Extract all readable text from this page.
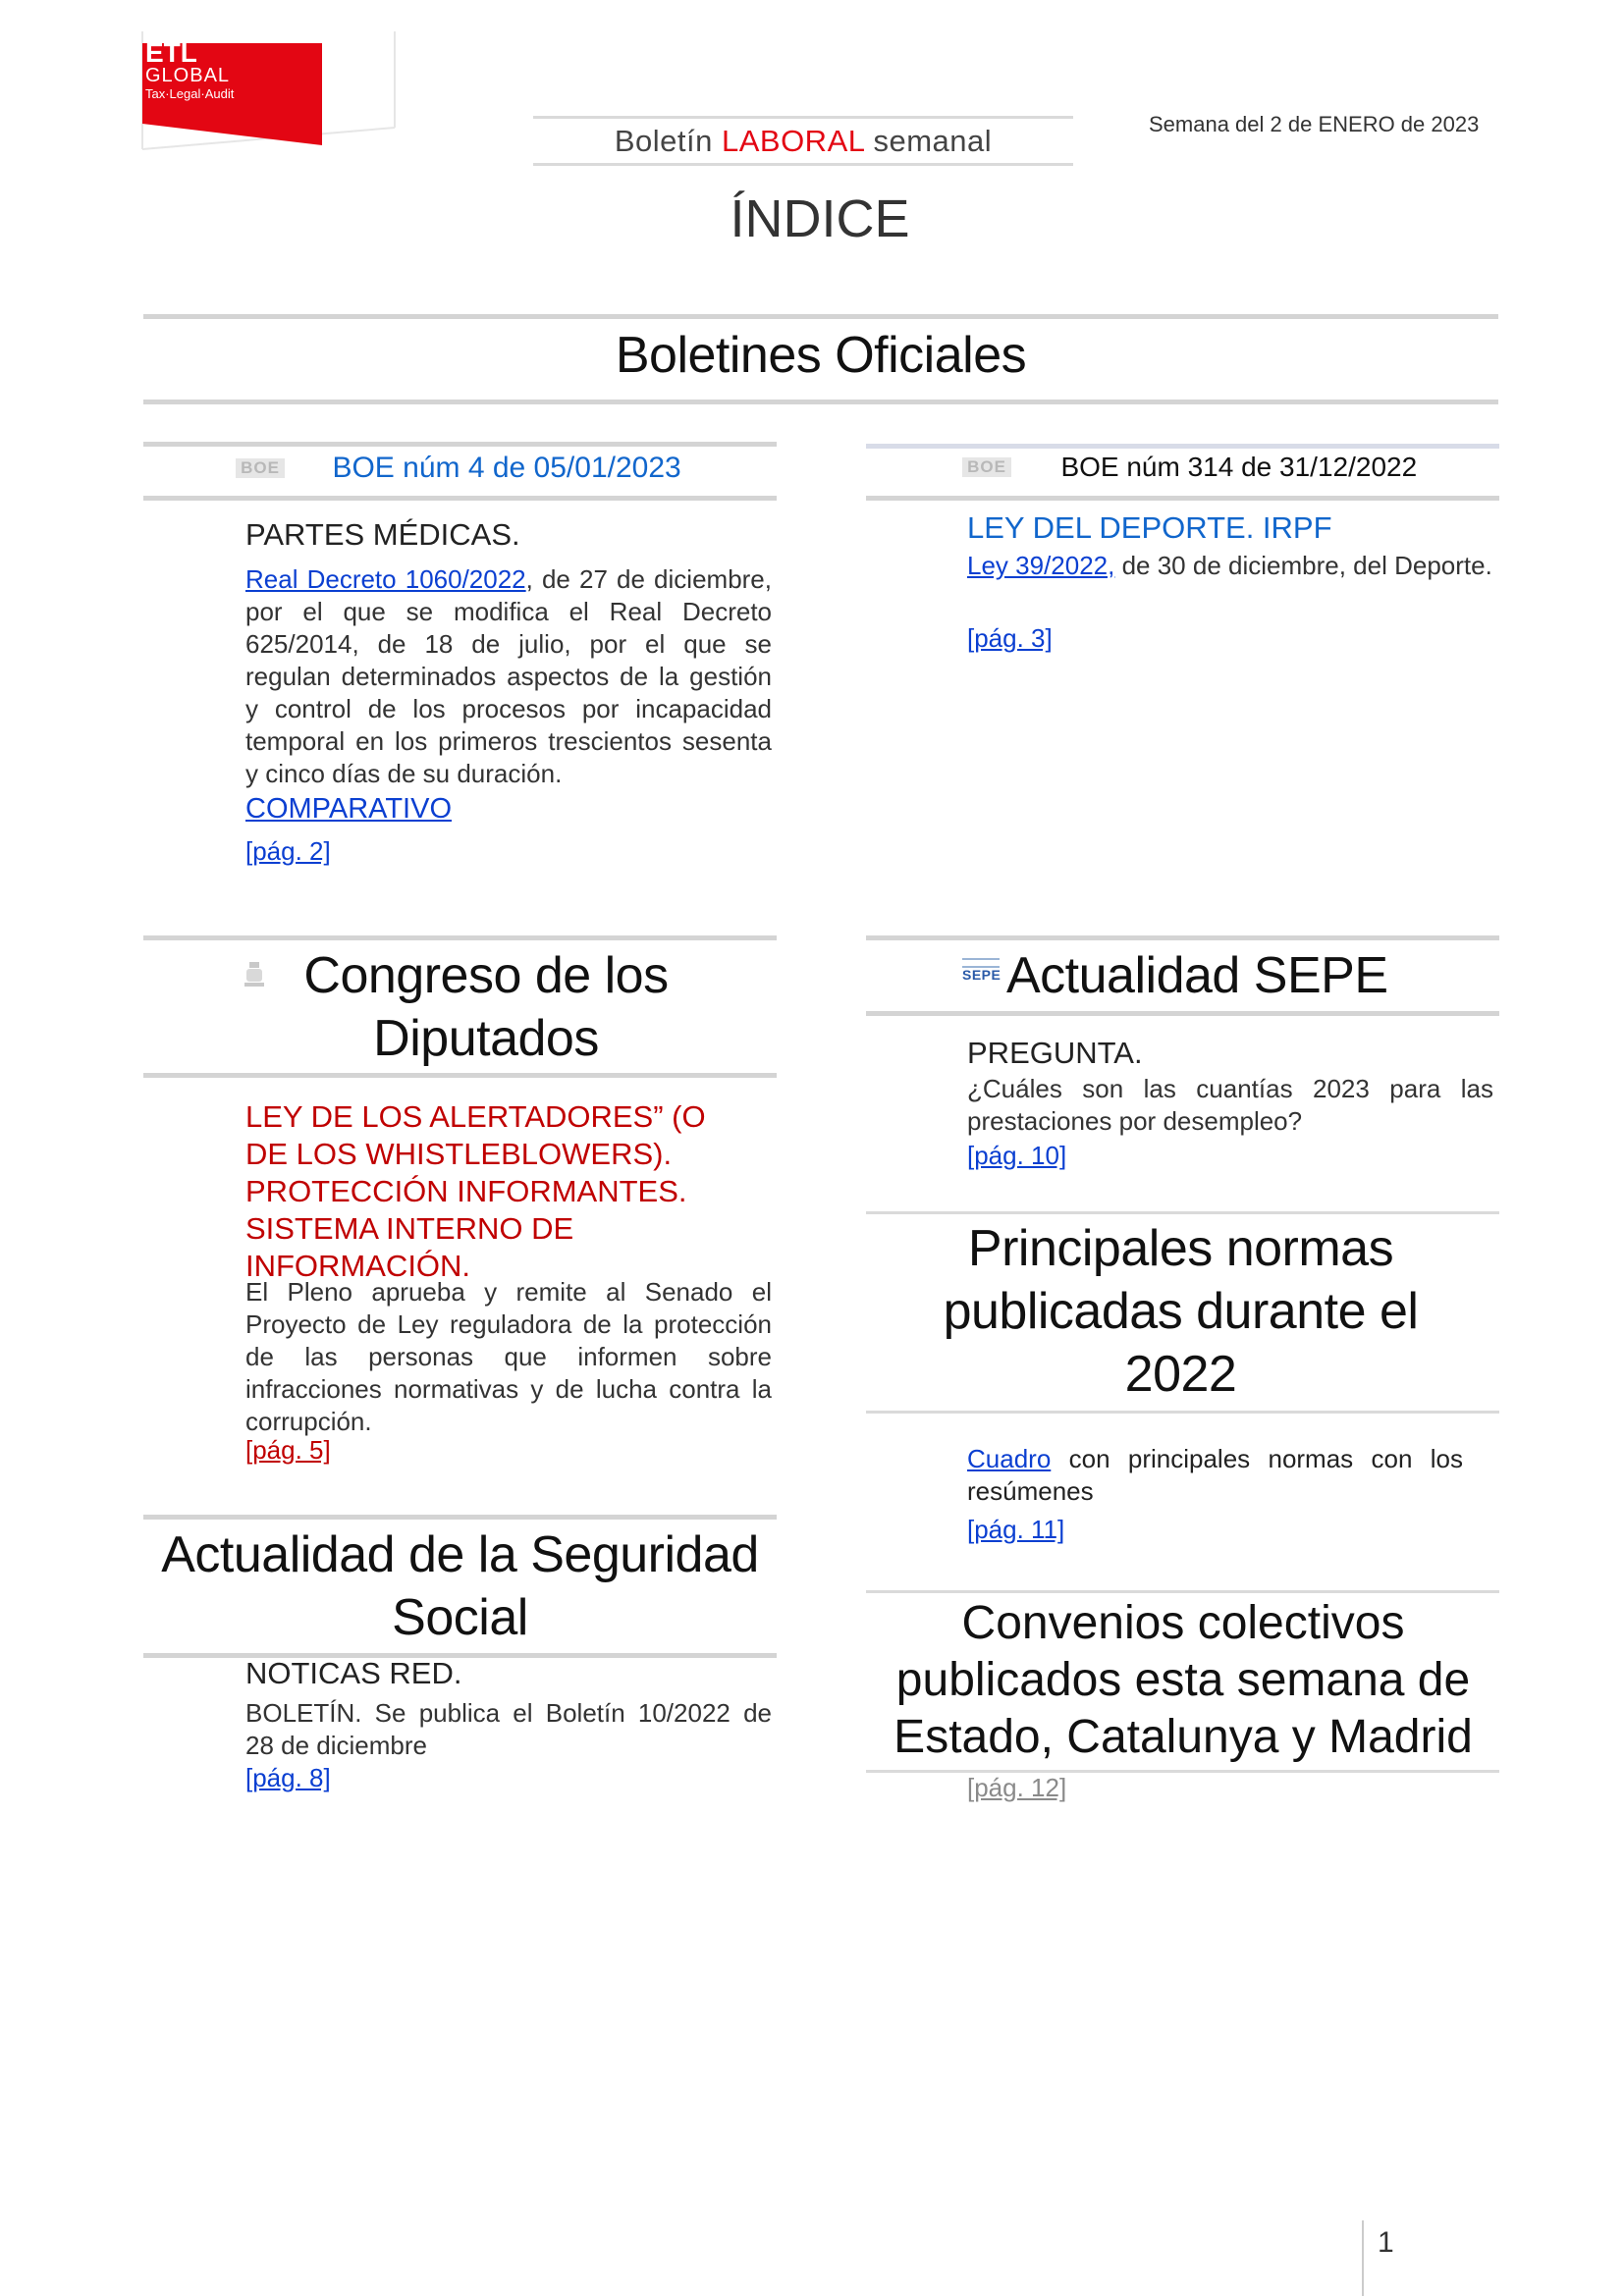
ETL
GLOBAL
Tax·Legal·Audit
Boletín LABORAL semanal	Semana del 2 de ENERO de 2023
ÍNDICE
Boletines Oficiales
BOE BOE núm 4 de 05/01/2023
PARTES MÉDICAS.
Real Decreto 1060/2022, de 27 de diciembre, por el que se modifica el Real Decreto 625/2014, de 18 de julio, por el que se regulan determinados aspectos de la gestión y control de los procesos por incapacidad temporal en los primeros trescientos sesenta y cinco días de su duración.
COMPARATIVO
[pág. 2]
BOE BOE núm 314 de 31/12/2022
LEY DEL DEPORTE. IRPF
Ley 39/2022, de 30 de diciembre, del Deporte.
[pág. 3]
Congreso de los Diputados
LEY DE LOS ALERTADORES” (O DE LOS WHISTLEBLOWERS). PROTECCIÓN INFORMANTES. SISTEMA INTERNO DE INFORMACIÓN.
El Pleno aprueba y remite al Senado el Proyecto de Ley reguladora de la protección de las personas que informen sobre infracciones normativas y de lucha contra la corrupción.
[pág. 5]
Actualidad de la Seguridad Social
NOTICAS RED.
BOLETÍN. Se publica el Boletín 10/2022 de 28 de diciembre
[pág. 8]
SEPE Actualidad SEPE
PREGUNTA.
¿Cuáles son las cuantías 2023 para las prestaciones por desempleo?
[pág. 10]
Principales normas publicadas durante el 2022
Cuadro con principales normas con los resúmenes
[pág. 11]
Convenios colectivos publicados esta semana de Estado, Catalunya y Madrid
[pág. 12]
1
